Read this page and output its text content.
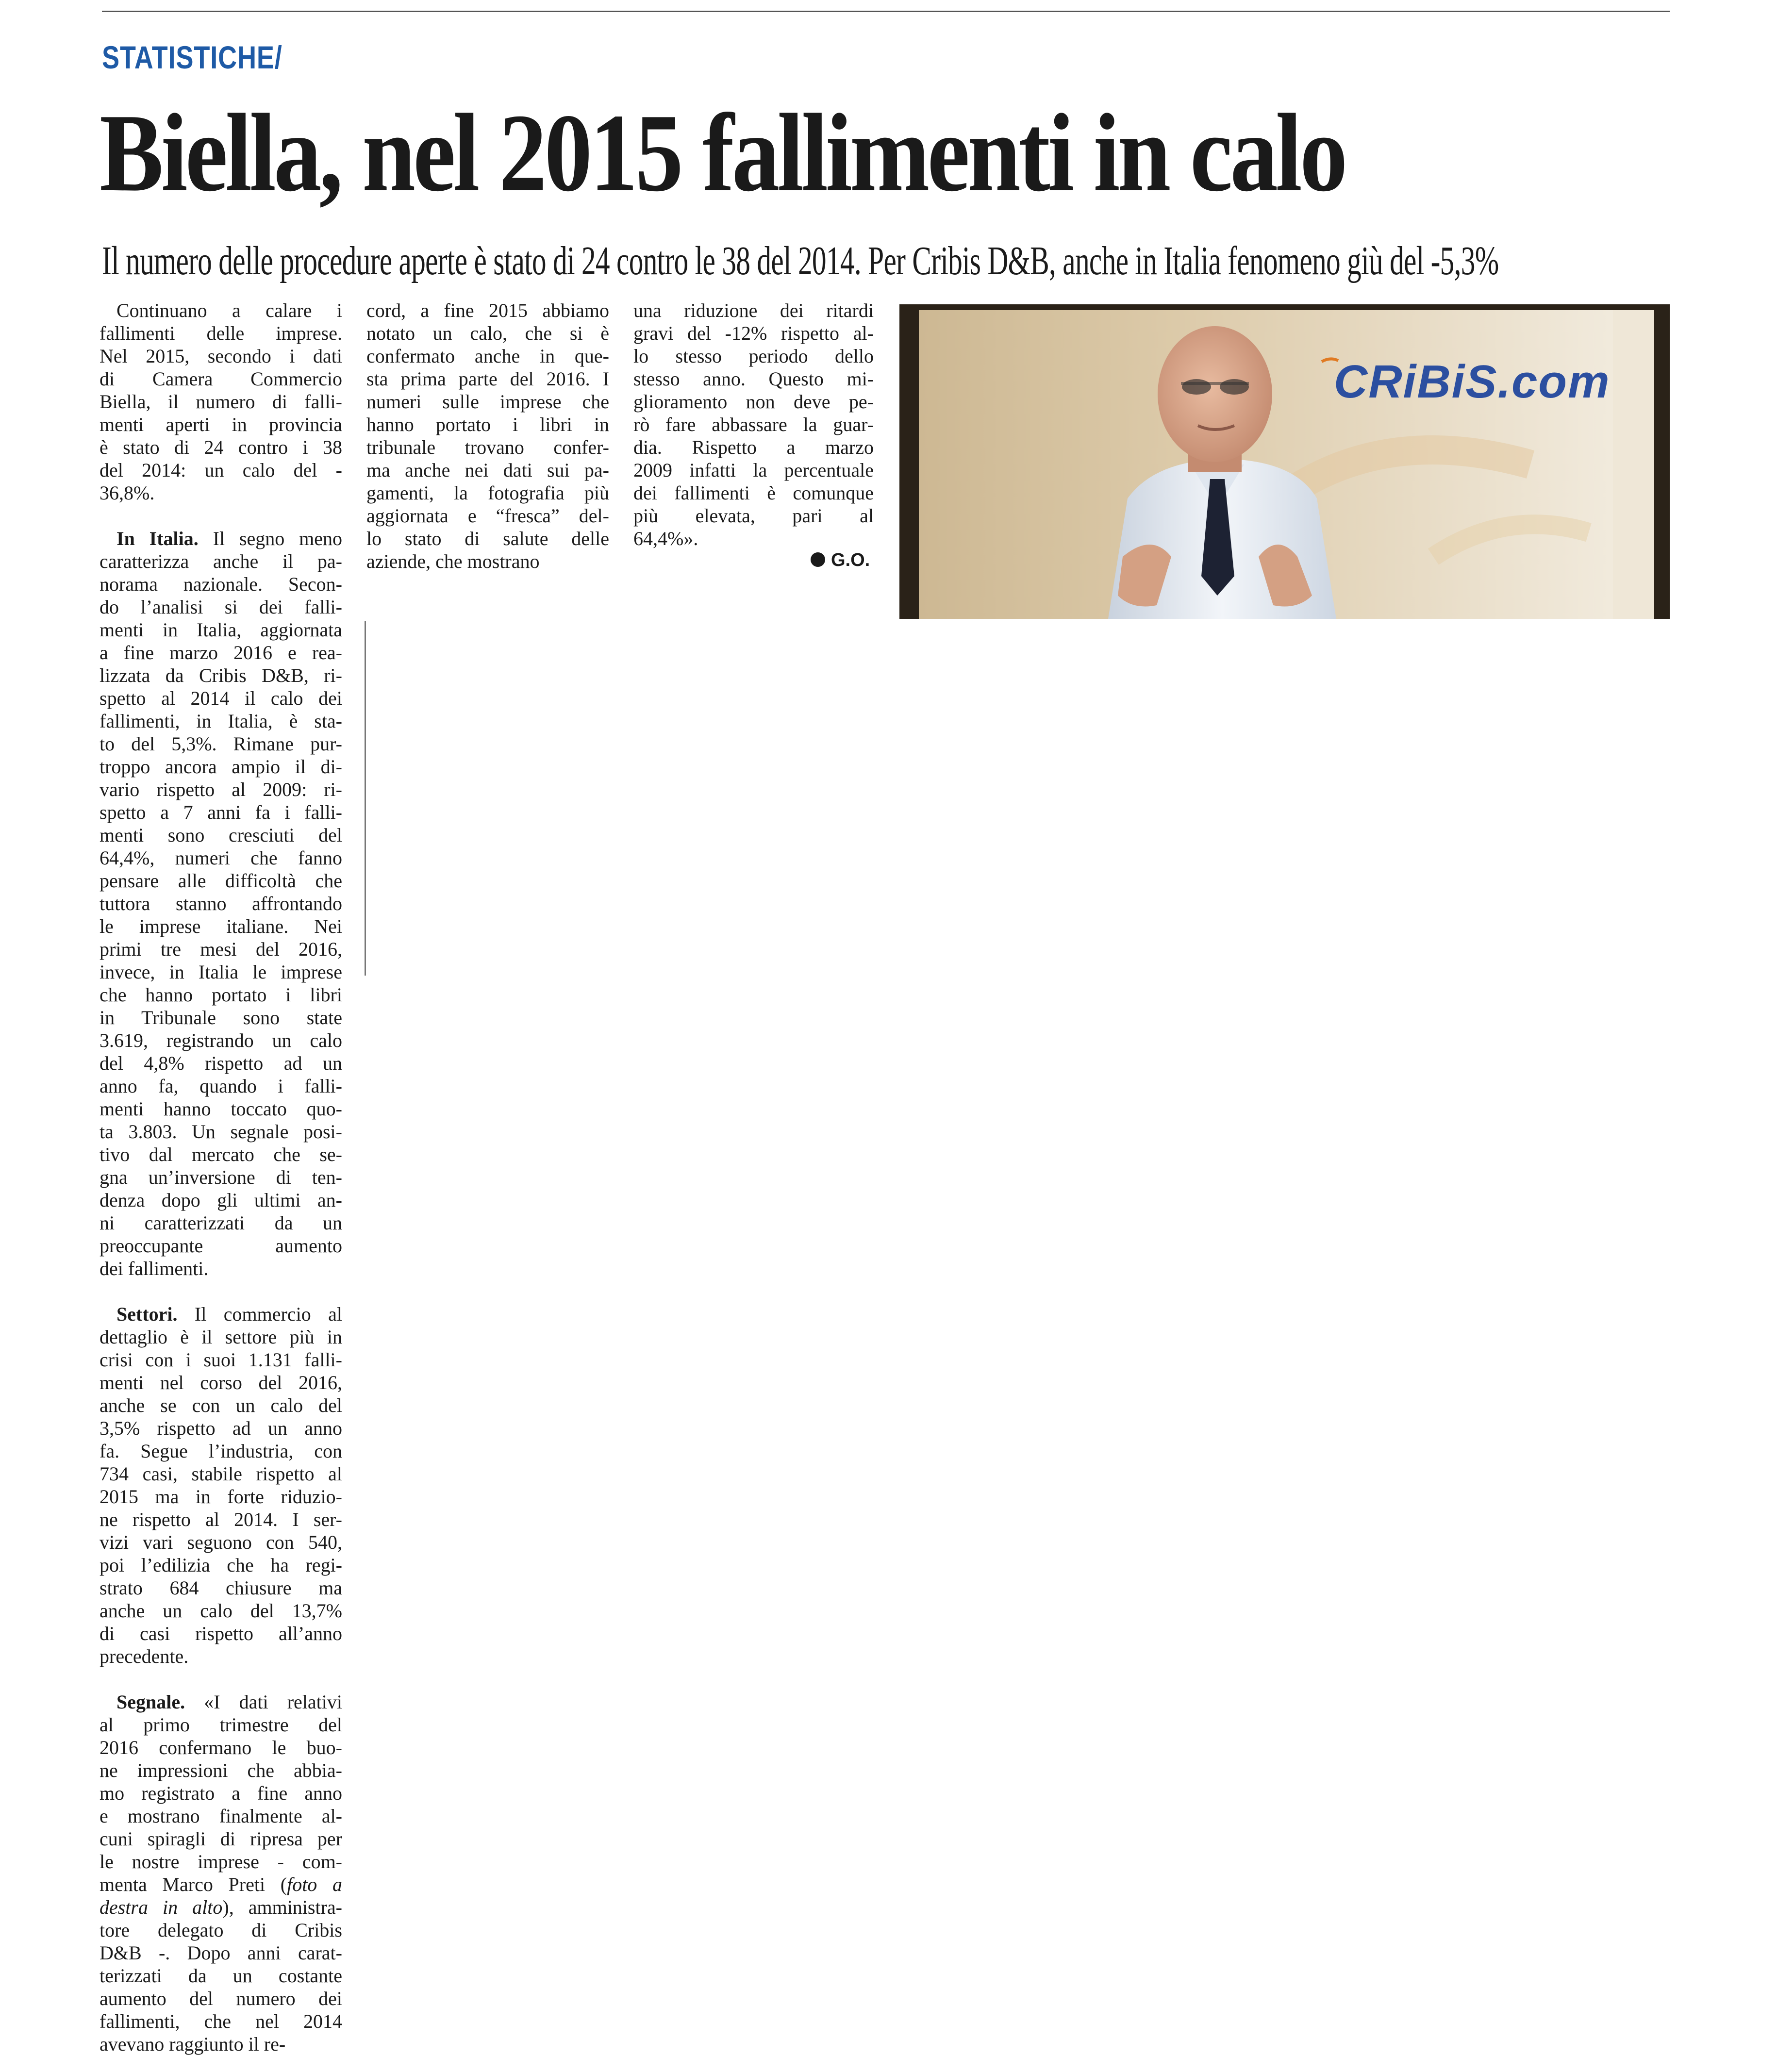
STATISTICHE/
Biella, nel 2015 fallimenti in calo
Il numero delle procedure aperte è stato di 24 contro le 38 del 2014. Per Cribis D&B, anche in Italia fenomeno giù del -5,3%
Continuano a calare i
fallimenti delle imprese.
Nel 2015, secondo i dati
di Camera Commercio
Biella, il numero di falli-
menti aperti in provincia
è stato di 24 contro i 38
del 2014: un calo del -
36,8%.
In Italia. Il segno meno
caratterizza anche il pa-
norama nazionale. Secon-
do l’analisi si dei falli-
menti in Italia, aggiornata
a fine marzo 2016 e rea-
lizzata da Cribis D&B, ri-
spetto al 2014 il calo dei
fallimenti, in Italia, è sta-
to del 5,3%. Rimane pur-
troppo ancora ampio il di-
vario rispetto al 2009: ri-
spetto a 7 anni fa i falli-
menti sono cresciuti del
64,4%, numeri che fanno
pensare alle difficoltà che
tuttora stanno affrontando
le imprese italiane. Nei
primi tre mesi del 2016,
invece, in Italia le imprese
che hanno portato i libri
in Tribunale sono state
3.619, registrando un calo
del 4,8% rispetto ad un
anno fa, quando i falli-
menti hanno toccato quo-
ta 3.803. Un segnale posi-
tivo dal mercato che se-
gna un’inversione di ten-
denza dopo gli ultimi an-
ni caratterizzati da un
preoccupante aumento
dei fallimenti.
Settori. Il commercio al
dettaglio è il settore più in
crisi con i suoi 1.131 falli-
menti nel corso del 2016,
anche se con un calo del
3,5% rispetto ad un anno
fa. Segue l’industria, con
734 casi, stabile rispetto al
2015 ma in forte riduzio-
ne rispetto al 2014. I ser-
vizi vari seguono con 540,
poi l’edilizia che ha regi-
strato 684 chiusure ma
anche un calo del 13,7%
di casi rispetto all’anno
precedente.
Segnale. «I dati relativi
al primo trimestre del
2016 confermano le buo-
ne impressioni che abbia-
mo registrato a fine anno
e mostrano finalmente al-
cuni spiragli di ripresa per
le nostre imprese - com-
menta Marco Preti (foto a
destra in alto), amministra-
tore delegato di Cribis
D&B -. Dopo anni carat-
terizzati da un costante
aumento del numero dei
fallimenti, che nel 2014
avevano raggiunto il re-
cord, a fine 2015 abbiamo
notato un calo, che si è
confermato anche in que-
sta prima parte del 2016. I
numeri sulle imprese che
hanno portato i libri in
tribunale trovano confer-
ma anche nei dati sui pa-
gamenti, la fotografia più
aggiornata e “fresca” del-
lo stato di salute delle
aziende, che mostrano
una riduzione dei ritardi
gravi del -12% rispetto al-
lo stesso periodo dello
stesso anno. Questo mi-
glioramento non deve pe-
rò fare abbassare la guar-
dia. Rispetto a marzo
2009 infatti la percentuale
dei fallimenti è comunque
più elevata, pari al
64,4%».
G.O.
CRiBiS.com
